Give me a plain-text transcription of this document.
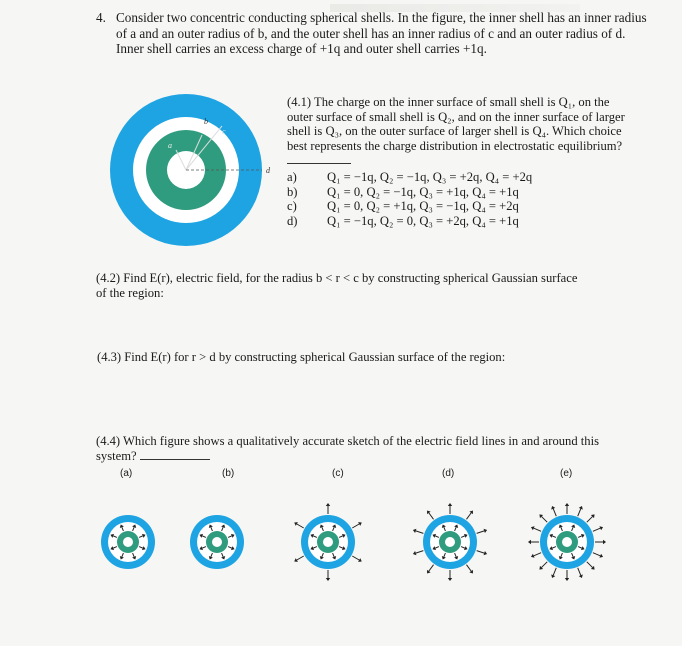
4. Consider two concentric conducting spherical shells. In the figure, the inner shell has an inner radius of a and an outer radius of b, and the outer shell has an inner radius of c and an outer radius of d. Inner shell carries an excess charge of +1q and outer shell carries +1q.
a
b
c
d
(4.1) The charge on the inner surface of small shell is Q₁, on the outer surface of small shell is Q₂, and on the inner surface of larger shell is Q₃, on the outer surface of larger shell is Q₄. Which choice best represents the charge distribution in electrostatic equilibrium?
a)	Q₁ = −1q, Q₂ = −1q, Q₃ = +2q, Q₄ = +2q
b)	Q₁ = 0, Q₂ = −1q, Q₃ = +1q, Q₄ = +1q
c)	Q₁ = 0, Q₂ = +1q, Q₃ = −1q, Q₄ = +2q
d)	Q₁ = −1q, Q₂ = 0, Q₃ = +2q, Q₄ = +1q
(4.2) Find E(r), electric field, for the radius b < r < c by constructing spherical Gaussian surface of the region:
(4.3) Find E(r) for r > d by constructing spherical Gaussian surface of the region:
(4.4) Which figure shows a qualitatively accurate sketch of the electric field lines in and around this system?
(a)	(b)	(c)	(d)	(e)
